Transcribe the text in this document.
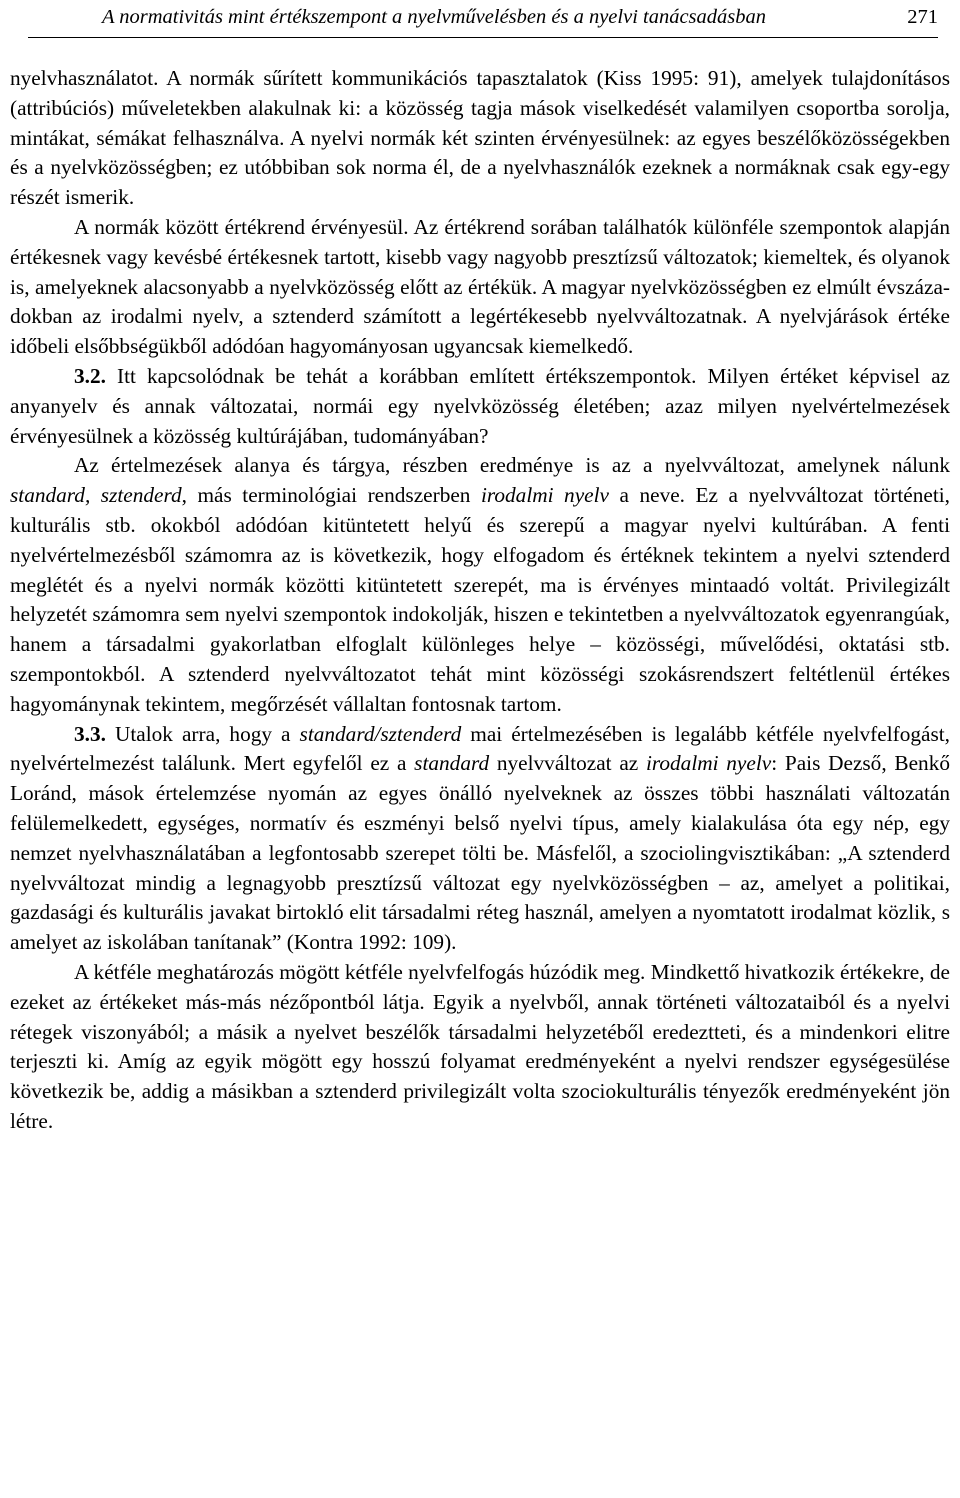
A normativitás mint értékszempont a nyelvművelésben és a nyelvi tanácsadásban	271

nyelvhasználatot. A normák sűrített kommunikációs tapasztalatok (Kiss 1995: 91), amelyek tulajdonításos (attribúciós) műveletekben alakulnak ki: a közösség tagja mások viselkedését valamilyen csoportba sorolja, mintákat, sémákat felhasználva. A nyelvi normák két szinten érvényesülnek: az egyes beszélőközösségekben és a nyelvközösségben; ez utóbbiban sok norma él, de a nyelvhasználók ezeknek a normáknak csak egy-egy részét ismerik.

A normák között értékrend érvényesül. Az értékrend sorában találhatók különféle szempontok alapján értékesnek vagy kevésbé értékesnek tartott, kisebb vagy nagyobb presztízsű változatok; kiemeltek, és olyanok is, amelyeknek alacsonyabb a nyelvközösség előtt az értékük. A magyar nyelvközösségben ez elmúlt évszázadokban az irodalmi nyelv, a sztenderd számított a legértékesebb nyelvváltozatnak. A nyelvjárások értéke időbeli elsőbbségükből adódóan hagyományosan ugyancsak kiemelkedő.

3.2. Itt kapcsolódnak be tehát a korábban említett értékszempontok. Milyen értéket képvisel az anyanyelv és annak változatai, normái egy nyelvközösség életében; azaz milyen nyelvértelmezések érvényesülnek a közösség kultúrájában, tudományában?

Az értelmezések alanya és tárgya, részben eredménye is az a nyelvváltozat, amelynek nálunk standard, sztenderd, más terminológiai rendszerben irodalmi nyelv a neve. Ez a nyelvváltozat történeti, kulturális stb. okokból adódóan kitüntetett helyű és szerepű a magyar nyelvi kultúrában. A fenti nyelvértelmezésből számomra az is következik, hogy elfogadom és értéknek tekintem a nyelvi sztenderd meglétét és a nyelvi normák közötti kitüntetett szerepét, ma is érvényes mintaadó voltát. Privilegizált helyzetét számomra sem nyelvi szempontok indokolják, hiszen e tekintetben a nyelvváltozatok egyenrangúak, hanem a társadalmi gyakorlatban elfoglalt különleges helye – közösségi, művelődési, oktatási stb. szempontokból. A sztenderd nyelvváltozatot tehát mint közösségi szokásrendszert feltétlenül értékes hagyománynak tekintem, megőrzését vállaltan fontosnak tartom.

3.3. Utalok arra, hogy a standard/sztenderd mai értelmezésében is legalább kétféle nyelvfelfogást, nyelvértelmezést találunk. Mert egyfelől ez a standard nyelvváltozat az irodalmi nyelv: Pais Dezső, Benkő Loránd, mások értelemzése nyomán az egyes önálló nyelveknek az összes többi használati változatán felülemelkedett, egységes, normatív és eszményi belső nyelvi típus, amely kialakulása óta egy nép, egy nemzet nyelvhasználatában a legfontosabb szerepet tölti be. Másfelől, a szociolingvisztikában: „A sztenderd nyelvváltozat mindig a legnagyobb presztízsű változat egy nyelvközösségben – az, amelyet a politikai, gazdasági és kulturális javakat birtokló elit társadalmi réteg használ, amelyen a nyomtatott irodalmat közlik, s amelyet az iskolában tanítanak” (Kontra 1992: 109).

A kétféle meghatározás mögött kétféle nyelvfelfogás húzódik meg. Mindkettő hivatkozik értékekre, de ezeket az értékeket más-más nézőpontból látja. Egyik a nyelvből, annak történeti változataiból és a nyelvi rétegek viszonyából; a másik a nyelvet beszélők társadalmi helyzetéből eredeztteti, és a mindenkori elitre terjeszti ki. Amíg az egyik mögött egy hosszú folyamat eredményeként a nyelvi rendszer egységesülése következik be, addig a másikban a sztenderd privilegizált volta szociokulturális tényezők eredményeként jön létre.
